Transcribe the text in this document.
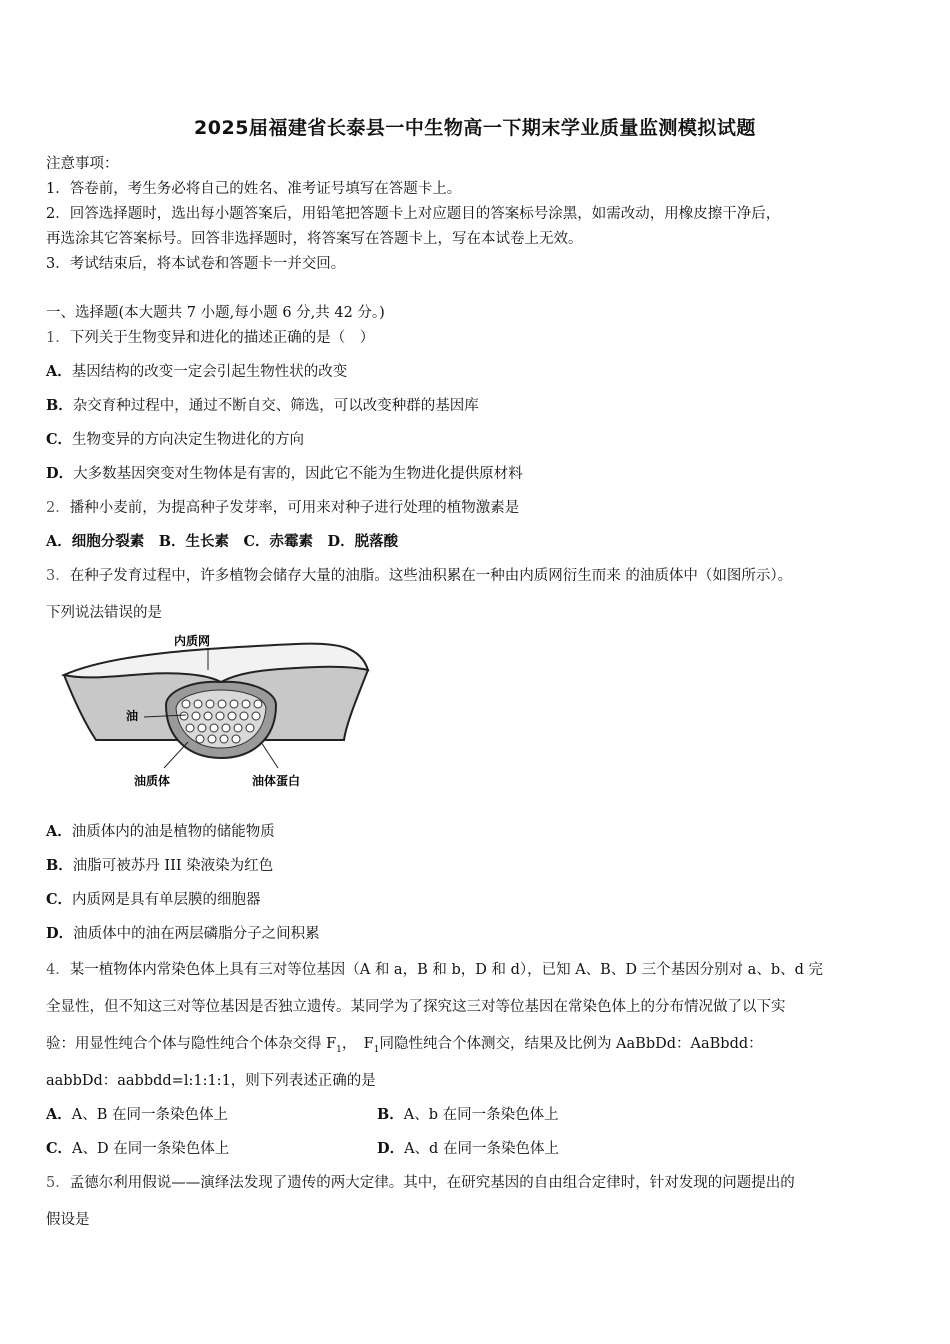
2025届福建省长泰县一中生物高一下期末学业质量监测模拟试题
注意事项：
1．答卷前，考生务必将自己的姓名、准考证号填写在答题卡上。
2．回答选择题时，选出每小题答案后，用铅笔把答题卡上对应题目的答案标号涂黑，如需改动，用橡皮擦干净后，
再选涂其它答案标号。回答非选择题时，将答案写在答题卡上，写在本试卷上无效。
3．考试结束后，将本试卷和答题卡一并交回。
一、选择题(本大题共 7 小题,每小题 6 分,共 42 分。)
1．下列关于生物变异和进化的描述正确的是（　）
A．基因结构的改变一定会引起生物性状的改变
B．杂交育种过程中，通过不断自交、筛选，可以改变种群的基因库
C．生物变异的方向决定生物进化的方向
D．大多数基因突变对生物体是有害的，因此它不能为生物进化提供原材料
2．播种小麦前，为提高种子发芽率，可用来对种子进行处理的植物激素是
A．细胞分裂素　B．生长素　C．赤霉素　D．脱落酸
3．在种子发育过程中，许多植物会储存大量的油脂。这些油积累在一种由内质网衍生而来 的油质体中（如图所示）。
下列说法错误的是
内质网
油
油质体	油体蛋白
A．油质体内的油是植物的储能物质
B．油脂可被苏丹 III 染液染为红色
C．内质网是具有单层膜的细胞器
D．油质体中的油在两层磷脂分子之间积累
4．某一植物体内常染色体上具有三对等位基因（A 和 a，B 和 b，D 和 d），已知 A、B、D 三个基因分别对 a、b、d 完
全显性，但不知这三对等位基因是否独立遗传。某同学为了探究这三对等位基因在常染色体上的分布情况做了以下实
验：用显性纯合个体与隐性纯合个体杂交得 $F_1$，　$F_1$同隐性纯合个体测交，结果及比例为 AaBbDd：AaBbdd：
aabbDd：aabbdd=l:1:1:1，则下列表述正确的是
A．A、B 在同一条染色体上	B．A、b 在同一条染色体上
C．A、D 在同一条染色体上	D．A、d 在同一条染色体上
5．孟德尔利用假说——演绎法发现了遗传的两大定律。其中，在研究基因的自由组合定律时，针对发现的问题提出的
假设是
